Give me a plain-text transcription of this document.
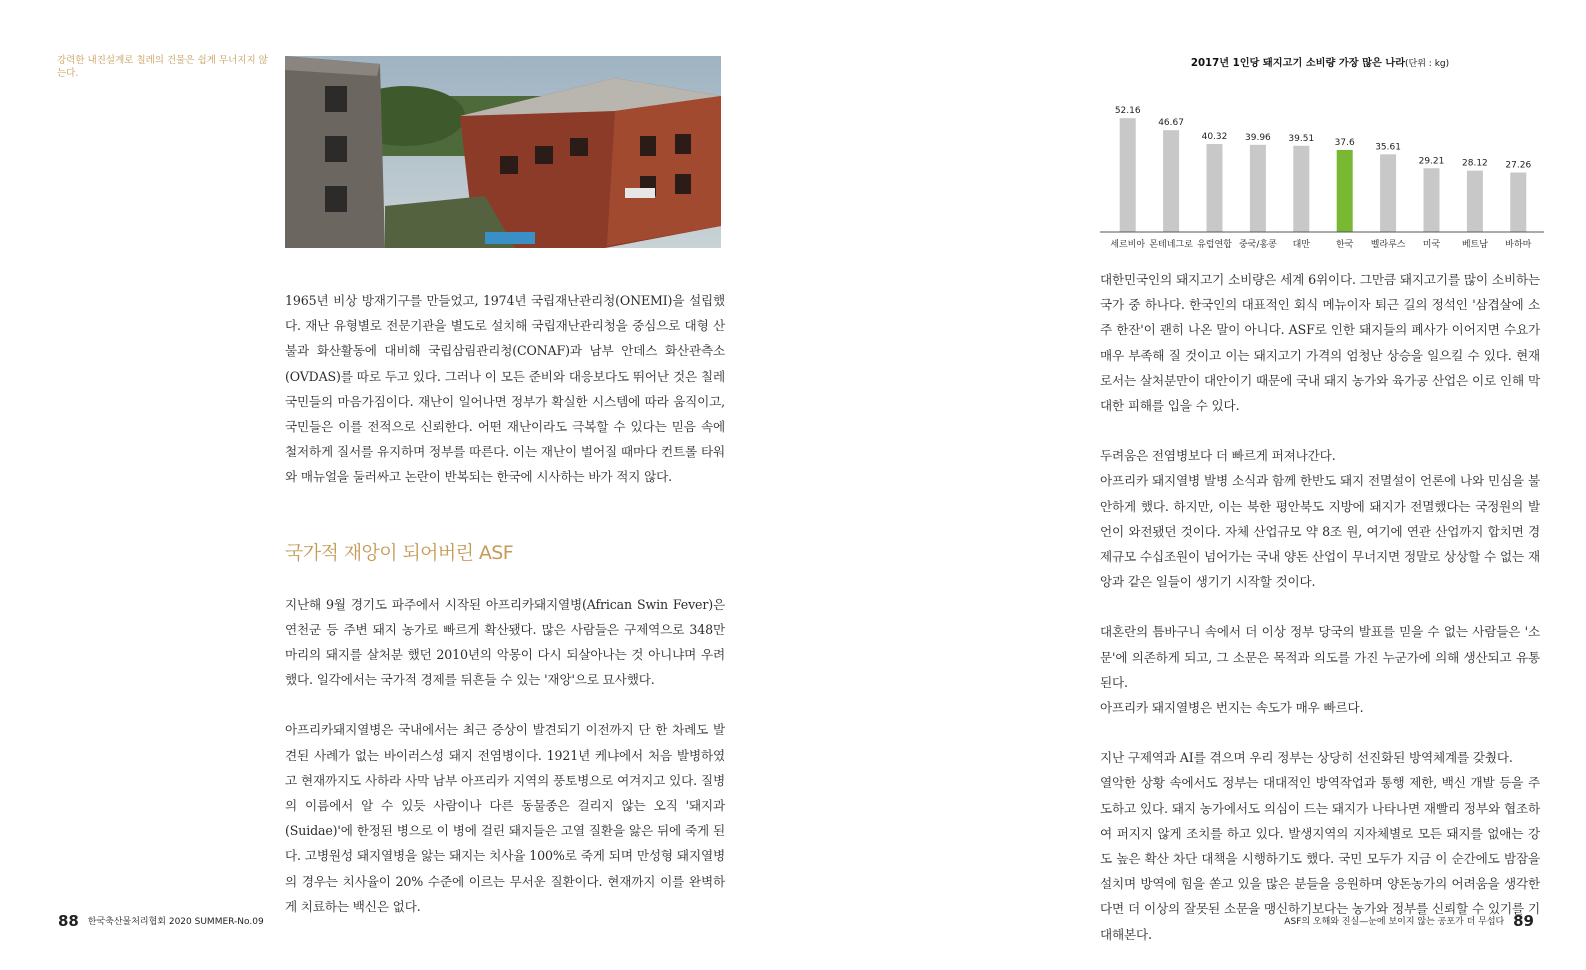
강력한 내진설계로 칠레의 건물은 쉽게 무너지지 않는다.

1965년 비상 방재기구를 만들었고, 1974년 국립재난관리청(ONEMI)을 설립했다. 재난 유형별로 전문기관을 별도로 설치해 국립재난관리청을 중심으로 대형 산불과 화산활동에 대비해 국립삼림관리청(CONAF)과 남부 안데스 화산관측소(OVDAS)를 따로 두고 있다. 그러나 이 모든 준비와 대응보다도 뛰어난 것은 칠레 국민들의 마음가짐이다. 재난이 일어나면 정부가 확실한 시스템에 따라 움직이고, 국민들은 이를 전적으로 신뢰한다. 어떤 재난이라도 극복할 수 있다는 믿음 속에 철저하게 질서를 유지하며 정부를 따른다. 이는 재난이 벌어질 때마다 컨트롤 타워와 매뉴얼을 둘러싸고 논란이 반복되는 한국에 시사하는 바가 적지 않다.

국가적 재앙이 되어버린 ASF

지난해 9월 경기도 파주에서 시작된 아프리카돼지열병(African Swin Fever)은 연천군 등 주변 돼지 농가로 빠르게 확산됐다. 많은 사람들은 구제역으로 348만 마리의 돼지를 살처분 했던 2010년의 악몽이 다시 되살아나는 것 아니냐며 우려했다. 일각에서는 국가적 경제를 뒤흔들 수 있는 '재앙'으로 묘사했다.

아프리카돼지열병은 국내에서는 최근 증상이 발견되기 이전까지 단 한 차례도 발견된 사례가 없는 바이러스성 돼지 전염병이다. 1921년 케냐에서 처음 발병하였고 현재까지도 사하라 사막 남부 아프리카 지역의 풍토병으로 여겨지고 있다. 질병의 이름에서 알 수 있듯 사람이나 다른 동물종은 걸리지 않는 오직 '돼지과(Suidae)'에 한정된 병으로 이 병에 걸린 돼지들은 고열 질환을 앓은 뒤에 죽게 된다. 고병원성 돼지열병을 앓는 돼지는 치사율 100%로 죽게 되며 만성형 돼지열병의 경우는 치사율이 20% 수준에 이르는 무서운 질환이다. 현재까지 이를 완벽하게 치료하는 백신은 없다.

88 한국축산물처리협회 2020 SUMMER-No.09
2017년 1인당 돼지고기 소비량 가장 많은 나라(단위 : kg)
52.16
세르비아
46.67
몬테네그로
40.32
유럽연합
39.96
중국/홍콩
39.51
대만
37.6
한국
35.61
벨라루스
29.21
미국
28.12
베트남
27.26
바하마

대한민국인의 돼지고기 소비량은 세계 6위이다. 그만큼 돼지고기를 많이 소비하는 국가 중 하나다. 한국인의 대표적인 회식 메뉴이자 퇴근 길의 정석인 '삼겹살에 소주 한잔'이 괜히 나온 말이 아니다. ASF로 인한 돼지들의 폐사가 이어지면 수요가 매우 부족해 질 것이고 이는 돼지고기 가격의 엄청난 상승을 일으킬 수 있다. 현재로서는 살처분만이 대안이기 때문에 국내 돼지 농가와 육가공 산업은 이로 인해 막대한 피해를 입을 수 있다.

두려움은 전염병보다 더 빠르게 퍼져나간다.

아프리카 돼지열병 발병 소식과 함께 한반도 돼지 전멸설이 언론에 나와 민심을 불안하게 했다. 하지만, 이는 북한 평안북도 지방에 돼지가 전멸했다는 국정원의 발언이 와전됐던 것이다. 자체 산업규모 약 8조 원, 여기에 연관 산업까지 합치면 경제규모 수십조원이 넘어가는 국내 양돈 산업이 무너지면 정말로 상상할 수 없는 재앙과 같은 일들이 생기기 시작할 것이다.

대혼란의 틈바구니 속에서 더 이상 정부 당국의 발표를 믿을 수 없는 사람들은 '소문'에 의존하게 되고, 그 소문은 목적과 의도를 가진 누군가에 의해 생산되고 유통된다.

아프리카 돼지열병은 번지는 속도가 매우 빠르다.

지난 구제역과 AI를 겪으며 우리 정부는 상당히 선진화된 방역체계를 갖췄다.

열악한 상황 속에서도 정부는 대대적인 방역작업과 통행 제한, 백신 개발 등을 주도하고 있다. 돼지 농가에서도 의심이 드는 돼지가 나타나면 재빨리 정부와 협조하여 퍼지지 않게 조치를 하고 있다. 발생지역의 지자체별로 모든 돼지를 없애는 강도 높은 확산 차단 대책을 시행하기도 했다. 국민 모두가 지금 이 순간에도 밤잠을 설치며 방역에 힘을 쏟고 있을 많은 분들을 응원하며 양돈농가의 어려움을 생각한다면 더 이상의 잘못된 소문을 맹신하기보다는 농가와 정부를 신뢰할 수 있기를 기대해본다.

ASF의 오해와 진실—눈에 보이지 않는 공포가 더 무섭다 89
